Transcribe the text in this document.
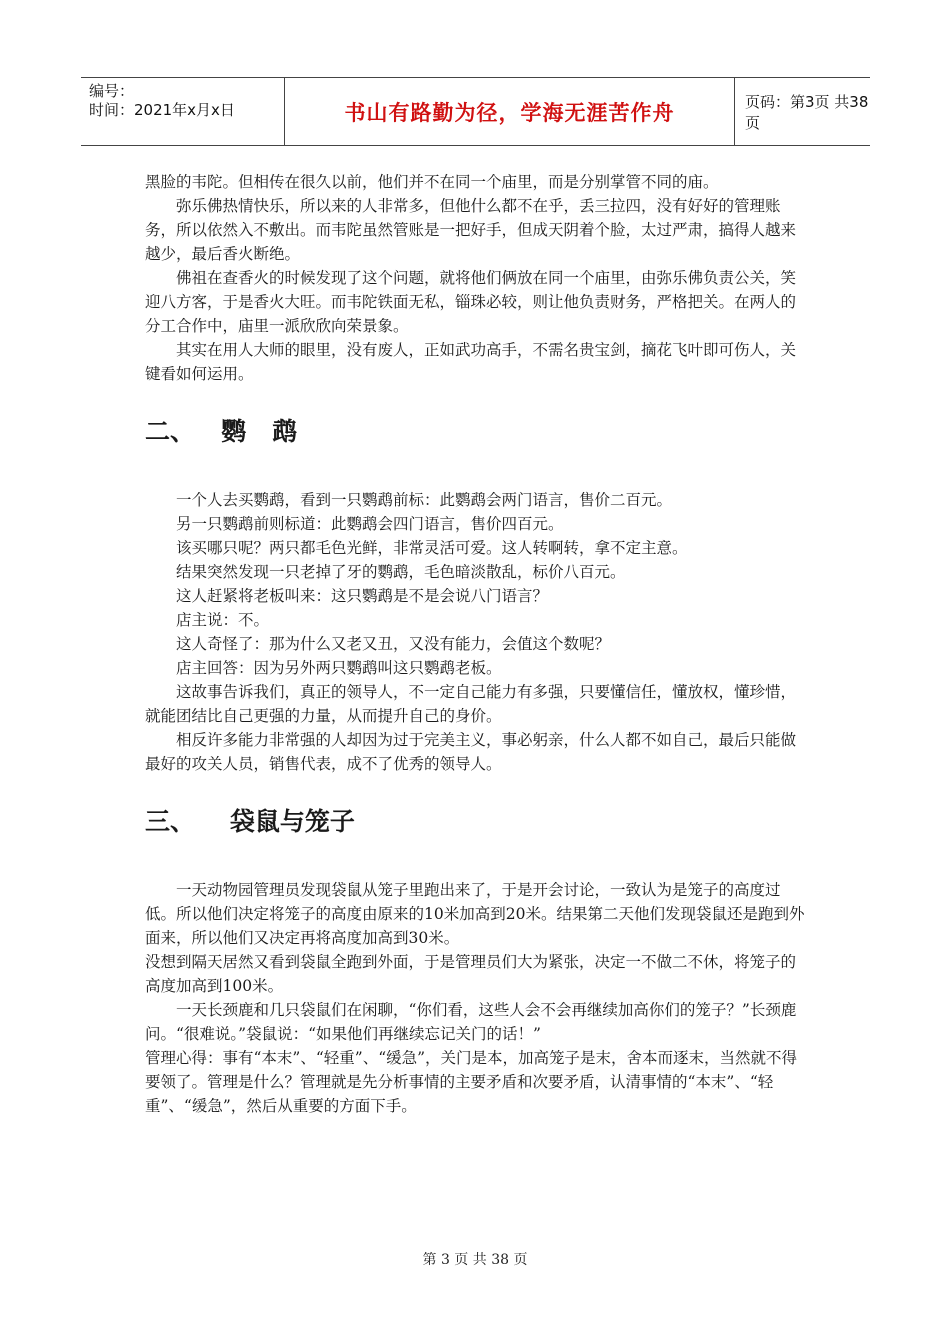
编号：
时间：2021年x月x日	书山有路勤为径，学海无涯苦作舟	页码：第3页 共38页

黑脸的韦陀。但相传在很久以前，他们并不在同一个庙里，而是分别掌管不同的庙。

弥乐佛热情快乐，所以来的人非常多，但他什么都不在乎，丢三拉四，没有好好的管理账务，所以依然入不敷出。而韦陀虽然管账是一把好手，但成天阴着个脸，太过严肃，搞得人越来越少，最后香火断绝。

佛祖在查香火的时候发现了这个问题，就将他们俩放在同一个庙里，由弥乐佛负责公关，笑迎八方客，于是香火大旺。而韦陀铁面无私，锱珠必较，则让他负责财务，严格把关。在两人的分工合作中，庙里一派欣欣向荣景象。

其实在用人大师的眼里，没有废人，正如武功高手，不需名贵宝剑，摘花飞叶即可伤人，关键看如何运用。

二、   鹦   鹉

一个人去买鹦鹉，看到一只鹦鹉前标：此鹦鹉会两门语言，售价二百元。

另一只鹦鹉前则标道：此鹦鹉会四门语言，售价四百元。

该买哪只呢？两只都毛色光鲜，非常灵活可爱。这人转啊转，拿不定主意。

结果突然发现一只老掉了牙的鹦鹉，毛色暗淡散乱，标价八百元。

这人赶紧将老板叫来：这只鹦鹉是不是会说八门语言？

店主说：不。

这人奇怪了：那为什么又老又丑，又没有能力，会值这个数呢？

店主回答：因为另外两只鹦鹉叫这只鹦鹉老板。

这故事告诉我们，真正的领导人，不一定自己能力有多强，只要懂信任，懂放权，懂珍惜，就能团结比自己更强的力量，从而提升自己的身价。

相反许多能力非常强的人却因为过于完美主义，事必躬亲，什么人都不如自己，最后只能做最好的攻关人员，销售代表，成不了优秀的领导人。

三、    袋鼠与笼子

一天动物园管理员发现袋鼠从笼子里跑出来了，于是开会讨论，一致认为是笼子的高度过低。所以他们决定将笼子的高度由原来的10米加高到20米。结果第二天他们发现袋鼠还是跑到外面来，所以他们又决定再将高度加高到30米。

没想到隔天居然又看到袋鼠全跑到外面，于是管理员们大为紧张，决定一不做二不休，将笼子的高度加高到100米。

一天长颈鹿和几只袋鼠们在闲聊，“你们看，这些人会不会再继续加高你们的笼子？”长颈鹿问。“很难说。”袋鼠说：“如果他们再继续忘记关门的话！”

管理心得：事有“本末”、“轻重”、“缓急”，关门是本，加高笼子是末，舍本而逐末，当然就不得要领了。管理是什么？管理就是先分析事情的主要矛盾和次要矛盾，认清事情的“本末”、“轻重”、“缓急”，然后从重要的方面下手。

第 3 页 共 38 页
